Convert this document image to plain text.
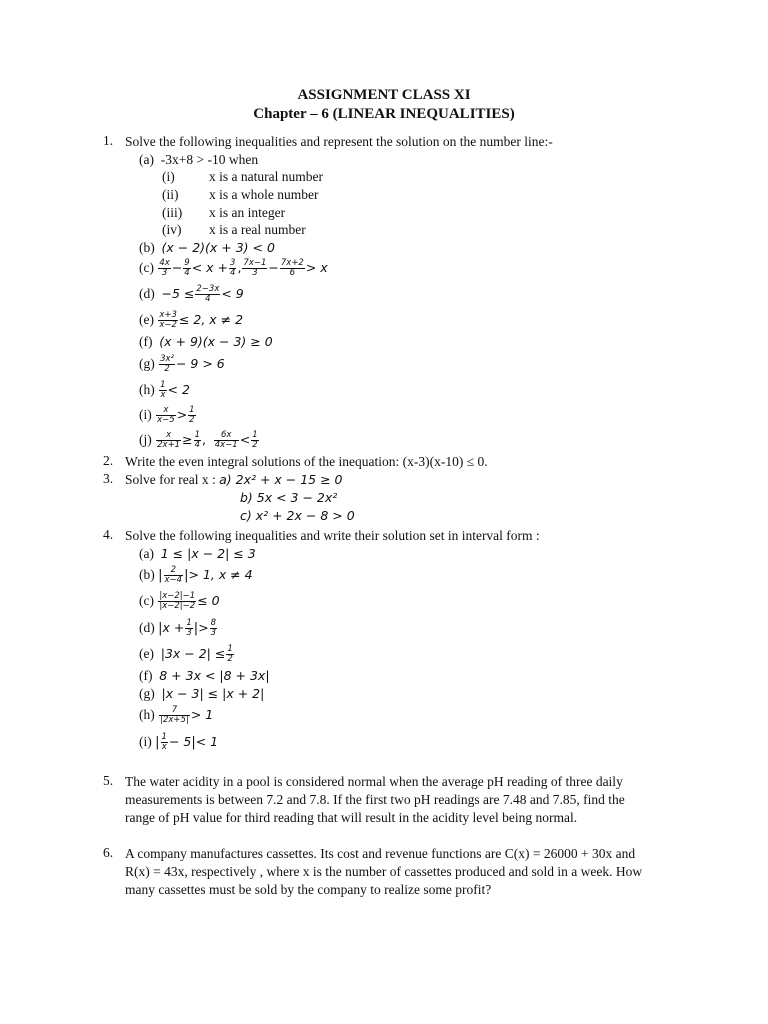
ASSIGNMENT CLASS XI
Chapter – 6 (LINEAR INEQUALITIES)
1. Solve the following inequalities and represent the solution on the number line:-
(a) -3x+8 > -10 when
(i)	x is a natural number
(ii) x is a whole number
(iii) x is an integer
(iv) x is a real number
(b) (x − 2)(x + 3) < 0
$(c) \frac{4x}{3} - \frac{9}{4} < x + \frac{3}{4}$ , $\frac{7x-1}{3} - \frac{7x+2}{6} > x$
$(d) -5 \le \frac{2-3x}{4} < 9$
$(e) \frac{x+3}{x-2} \le 2$, x ≠ 2
(f) (x + 9)(x − 3) ≥ 0
$(g) \frac{\text{3x²}}{2} - 9 > 6$
$(h) \frac{1}{x} < 2$
$(i) \frac{x}{x-5} > \frac{1}{2}$
$(j) \frac{x}{2x+1} \ge \frac{1}{4}$ , $\frac{6x}{4x-1} < \frac{1}{2}$
2. Write the even integral solutions of the inequation: (x-3)(x-10) ≤ 0.
3. Solve for real x : a) 2x² + x − 15 ≥ 0
b) 5x < 3 − 2x²
c) x² + 2x − 8 > 0
4. Solve the following inequalities and write their solution set in interval form :
(a) 1 ≤ |x − 2| ≤ 3
(b) | $\frac{2}{x-4}$ |> 1, x ≠ 4
$(c) \frac{|x-2|-1}{|x-2|-2} \le 0$
(d) $|x + \frac{1}{3}$ |> $\frac{8}{3}$
(e) $|3x - 2| \le \frac{1}{2}$
(f) 8 + 3x < |8 + 3x|
(g) |x − 3| ≤ |x + 2|
$(h) \frac{7}{|2x+5|} > 1$
(i) | $\frac{1}{x} - 5|< 1$
5. The water acidity in a pool is considered normal when the average pH reading of three daily
measurements is between 7.2 and 7.8. If the first two pH readings are 7.48 and 7.85, find the
range of pH value for third reading that will result in the acidity level being normal.
6. A company manufactures cassettes. Its cost and revenue functions are C(x) = 26000 + 30x and
R(x) = 43x, respectively , where x is the number of cassettes produced and sold in a week. How
many cassettes must be sold by the company to realize some profit?
